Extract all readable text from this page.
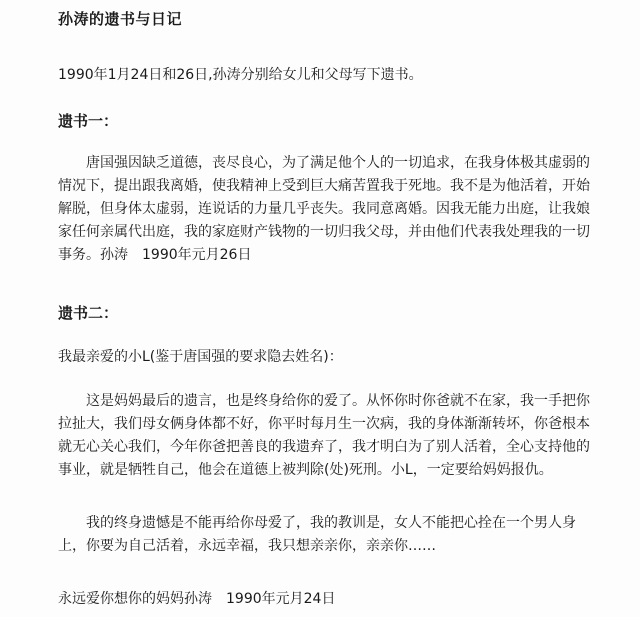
孙涛的遗书与日记
1990年1月24日和26日,孙涛分别给女儿和父母写下遗书。
遗书一：
唐国强因缺乏道德，丧尽良心，为了满足他个人的一切追求，在我身体极其虚弱的
情况下，提出跟我离婚，使我精神上受到巨大痛苦置我于死地。我不是为他活着，开始
解脱，但身体太虚弱，连说话的力量几乎丧失。我同意离婚。因我无能力出庭，让我娘
家任何亲属代出庭，我的家庭财产钱物的一切归我父母，并由他们代表我处理我的一切
事务。孙涛　1990年元月26日
遗书二：
我最亲爱的小L(鉴于唐国强的要求隐去姓名)：
这是妈妈最后的遗言，也是终身给你的爱了。从怀你时你爸就不在家，我一手把你
拉扯大，我们母女俩身体都不好，你平时每月生一次病，我的身体渐渐转坏，你爸根本
就无心关心我们，今年你爸把善良的我遗弃了，我才明白为了别人活着，全心支持他的
事业，就是牺牲自己，他会在道德上被判除(处)死刑。小L，一定要给妈妈报仇。
我的终身遗憾是不能再给你母爱了，我的教训是，女人不能把心拴在一个男人身
上，你要为自己活着，永远幸福，我只想亲亲你，亲亲你……
永远爱你想你的妈妈孙涛 1990年元月24日
